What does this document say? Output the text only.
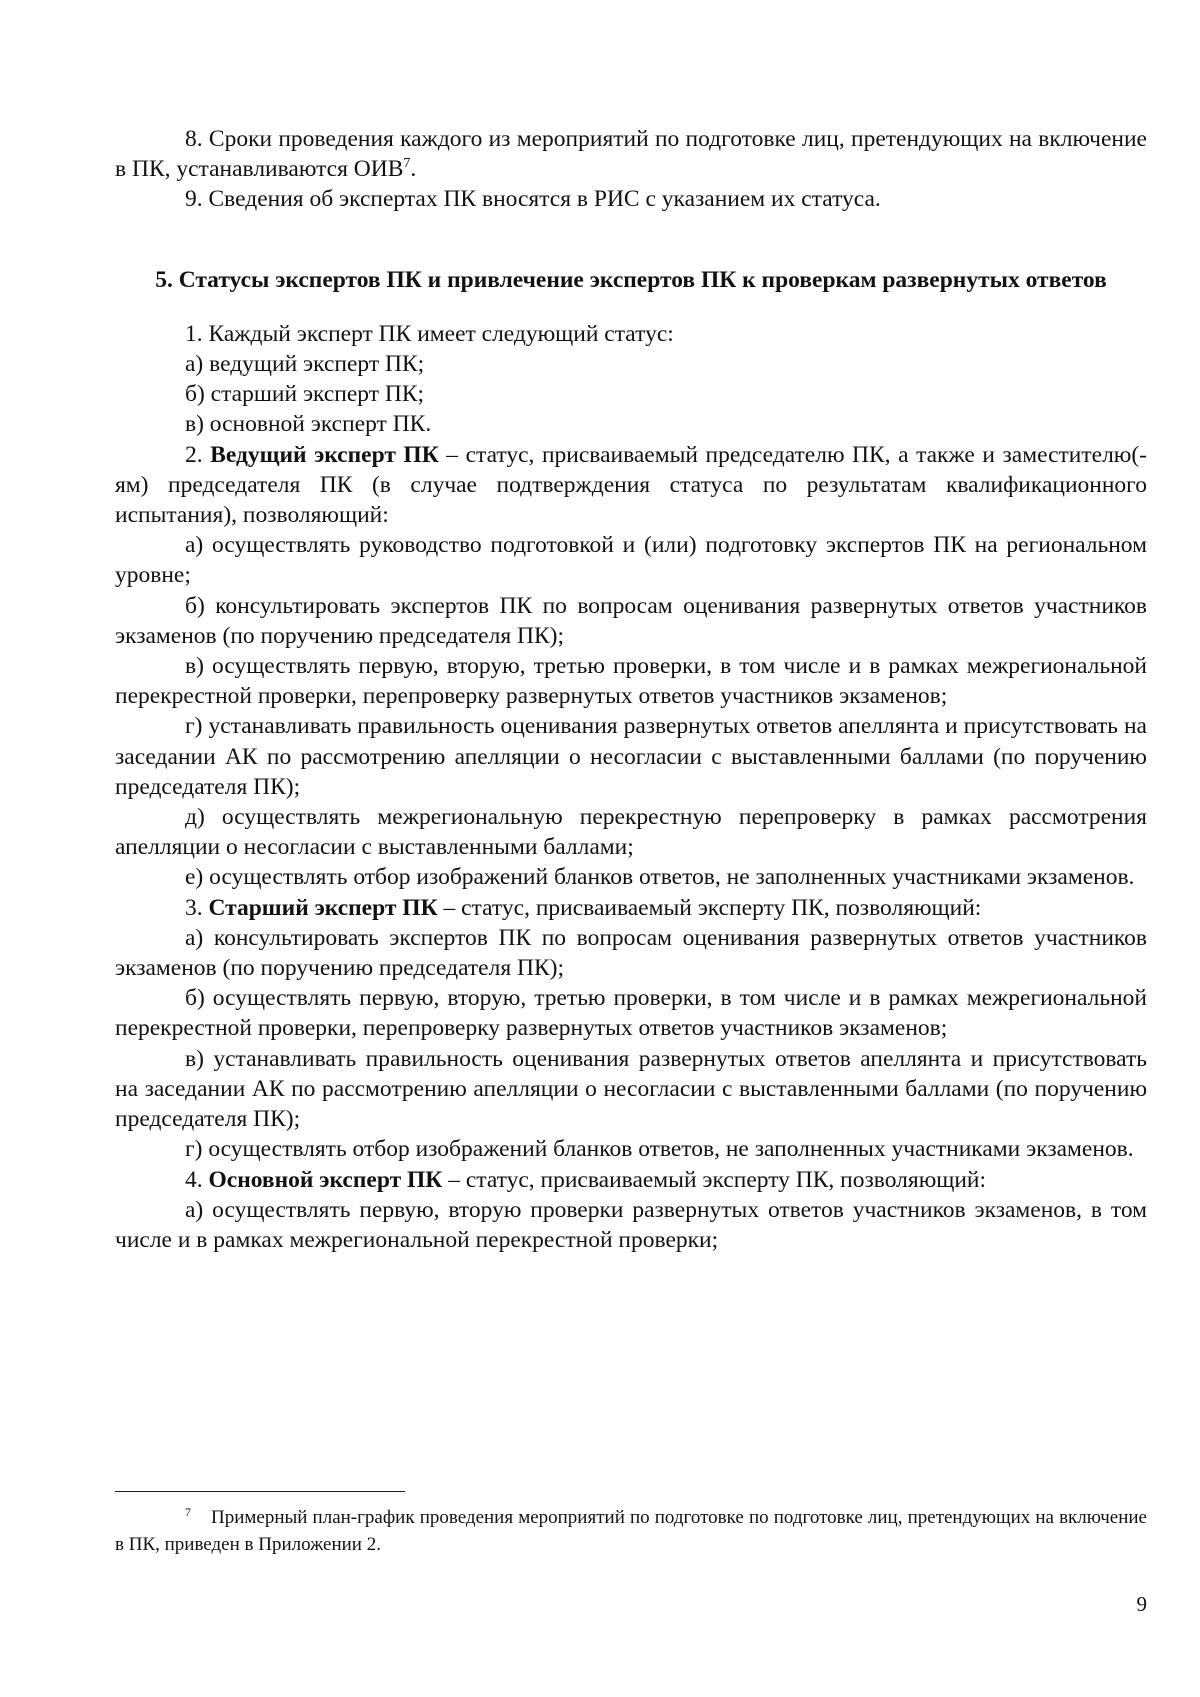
8. Сроки проведения каждого из мероприятий по подготовке лиц, претендующих на включение в ПК, устанавливаются ОИВ$^7$.

9. Сведения об экспертах ПК вносятся в РИС с указанием их статуса.

5. Статусы экспертов ПК и привлечение экспертов ПК к проверкам развернутых ответов

1. Каждый эксперт ПК имеет следующий статус:

а) ведущий эксперт ПК;

б) старший эксперт ПК;

в) основной эксперт ПК.

2. Ведущий эксперт ПК – статус, присваиваемый председателю ПК, а также и заместителю(-ям) председателя ПК (в случае подтверждения статуса по результатам квалификационного испытания), позволяющий:

а) осуществлять руководство подготовкой и (или) подготовку экспертов ПК на региональном уровне;

б) консультировать экспертов ПК по вопросам оценивания развернутых ответов участников экзаменов (по поручению председателя ПК);

в) осуществлять первую, вторую, третью проверки, в том числе и в рамках межрегиональной перекрестной проверки, перепроверку развернутых ответов участников экзаменов;

г) устанавливать правильность оценивания развернутых ответов апеллянта и присутствовать на заседании АК по рассмотрению апелляции о несогласии с выставленными баллами (по поручению председателя ПК);

д) осуществлять межрегиональную перекрестную перепроверку в рамках рассмотрения апелляции о несогласии с выставленными баллами;

е) осуществлять отбор изображений бланков ответов, не заполненных участниками экзаменов.

3. Старший эксперт ПК – статус, присваиваемый эксперту ПК, позволяющий:

а) консультировать экспертов ПК по вопросам оценивания развернутых ответов участников экзаменов (по поручению председателя ПК);

б) осуществлять первую, вторую, третью проверки, в том числе и в рамках межрегиональной перекрестной проверки, перепроверку развернутых ответов участников экзаменов;

в) устанавливать правильность оценивания развернутых ответов апеллянта и присутствовать на заседании АК по рассмотрению апелляции о несогласии с выставленными баллами (по поручению председателя ПК);

г) осуществлять отбор изображений бланков ответов, не заполненных участниками экзаменов.

4. Основной эксперт ПК – статус, присваиваемый эксперту ПК, позволяющий:

а) осуществлять первую, вторую проверки развернутых ответов участников экзаменов, в том числе и в рамках межрегиональной перекрестной проверки;

$^7$ Примерный план-график проведения мероприятий по подготовке по подготовке лиц, претендующих на включение в ПК, приведен в Приложении 2.

9
